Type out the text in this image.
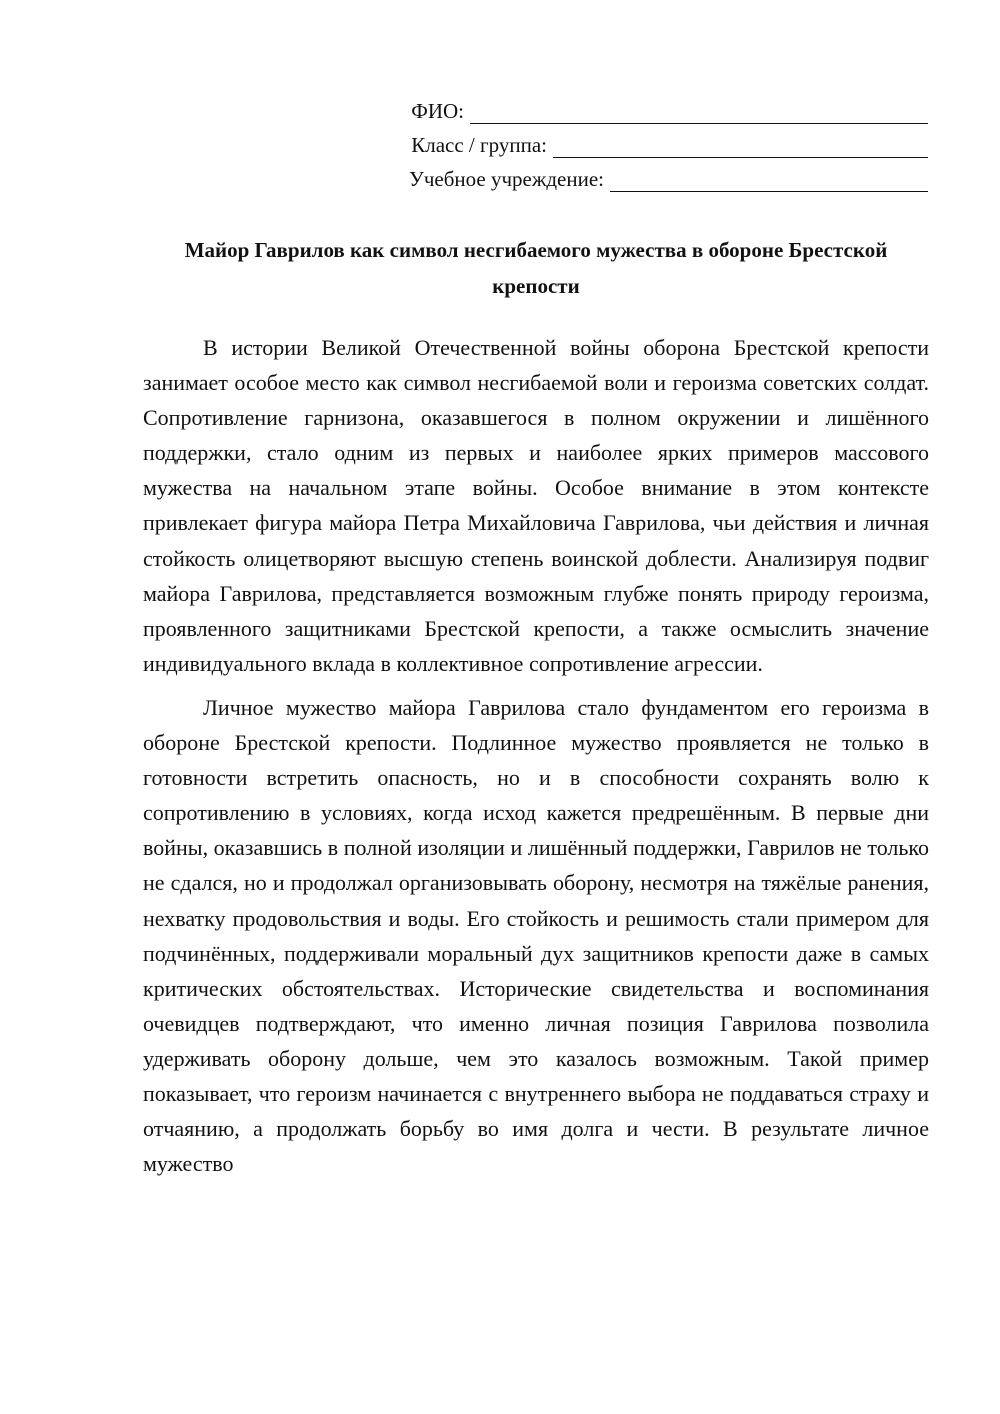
ФИО:
Класс / группа:
Учебное учреждение:
Майор Гаврилов как символ несгибаемого мужества в обороне Брестской крепости

В истории Великой Отечественной войны оборона Брестской крепости занимает особое место как символ несгибаемой воли и героизма советских солдат. Сопротивление гарнизона, оказавшегося в полном окружении и лишённого поддержки, стало одним из первых и наиболее ярких примеров массового мужества на начальном этапе войны. Особое внимание в этом контексте привлекает фигура майора Петра Михайловича Гаврилова, чьи действия и личная стойкость олицетворяют высшую степень воинской доблести. Анализируя подвиг майора Гаврилова, представляется возможным глубже понять природу героизма, проявленного защитниками Брестской крепости, а также осмыслить значение индивидуального вклада в коллективное сопротивление агрессии.

Личное мужество майора Гаврилова стало фундаментом его героизма в обороне Брестской крепости. Подлинное мужество проявляется не только в готовности встретить опасность, но и в способности сохранять волю к сопротивлению в условиях, когда исход кажется предрешённым. В первые дни войны, оказавшись в полной изоляции и лишённый поддержки, Гаврилов не только не сдался, но и продолжал организовывать оборону, несмотря на тяжёлые ранения, нехватку продовольствия и воды. Его стойкость и решимость стали примером для подчинённых, поддерживали моральный дух защитников крепости даже в самых критических обстоятельствах. Исторические свидетельства и воспоминания очевидцев подтверждают, что именно личная позиция Гаврилова позволила удерживать оборону дольше, чем это казалось возможным. Такой пример показывает, что героизм начинается с внутреннего выбора не поддаваться страху и отчаянию, а продолжать борьбу во имя долга и чести. В результате личное мужество
